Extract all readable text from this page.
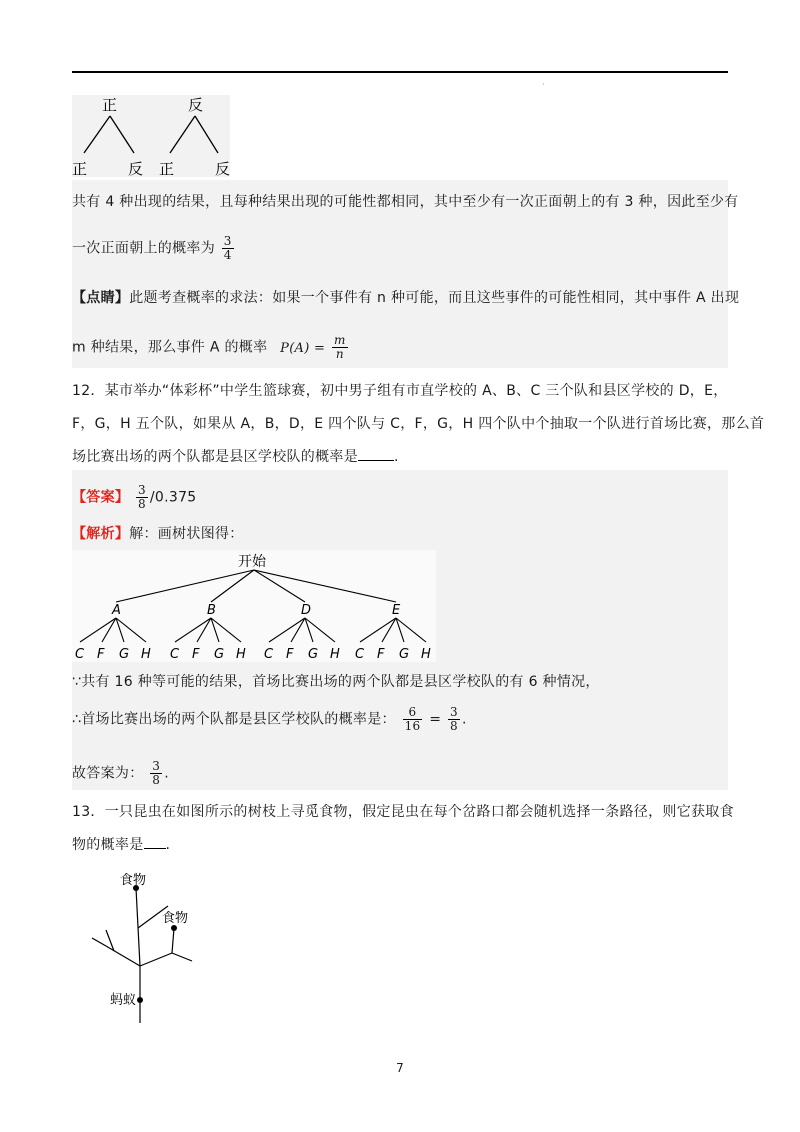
·
正	反
正	反 正	反
共有 4 种出现的结果，且每种结果出现的可能性都相同，其中至少有一次正面朝上的有 3 种，因此至少有
一次正面朝上的概率为 $\frac{3}{4}$
【点睛】此题考查概率的求法：如果一个事件有 n 种可能，而且这些事件的可能性相同，其中事件 A 出现
m 种结果，那么事件 A 的概率 $P(A) = \frac{m}{n}$
12．某市举办“体彩杯”中学生篮球赛，初中男子组有市直学校的 A、B、C 三个队和县区学校的 D，E，
F，G，H 五个队，如果从 A，B，D，E 四个队与 C，F，G，H 四个队中个抽取一个队进行首场比赛，那么首
场比赛出场的两个队都是县区学校队的概率是	.
【答案】 $\frac{3}{8} /0.375$
【解析】解：画树状图得：
开始
A
C F G H
B
C F G H
D
C F G H
E
C F G H
∵共有 16 种等可能的结果，首场比赛出场的两个队都是县区学校队的有 6 种情况，
∴首场比赛出场的两个队都是县区学校队的概率是： $\frac{6}{16} = \frac{3}{8}$ .
故答案为： $\frac{3}{8}$ .
13．一只昆虫在如图所示的树枝上寻觅食物，假定昆虫在每个岔路口都会随机选择一条路径，则它获取食
物的概率是 .
食物
食物
蚂蚁
7
